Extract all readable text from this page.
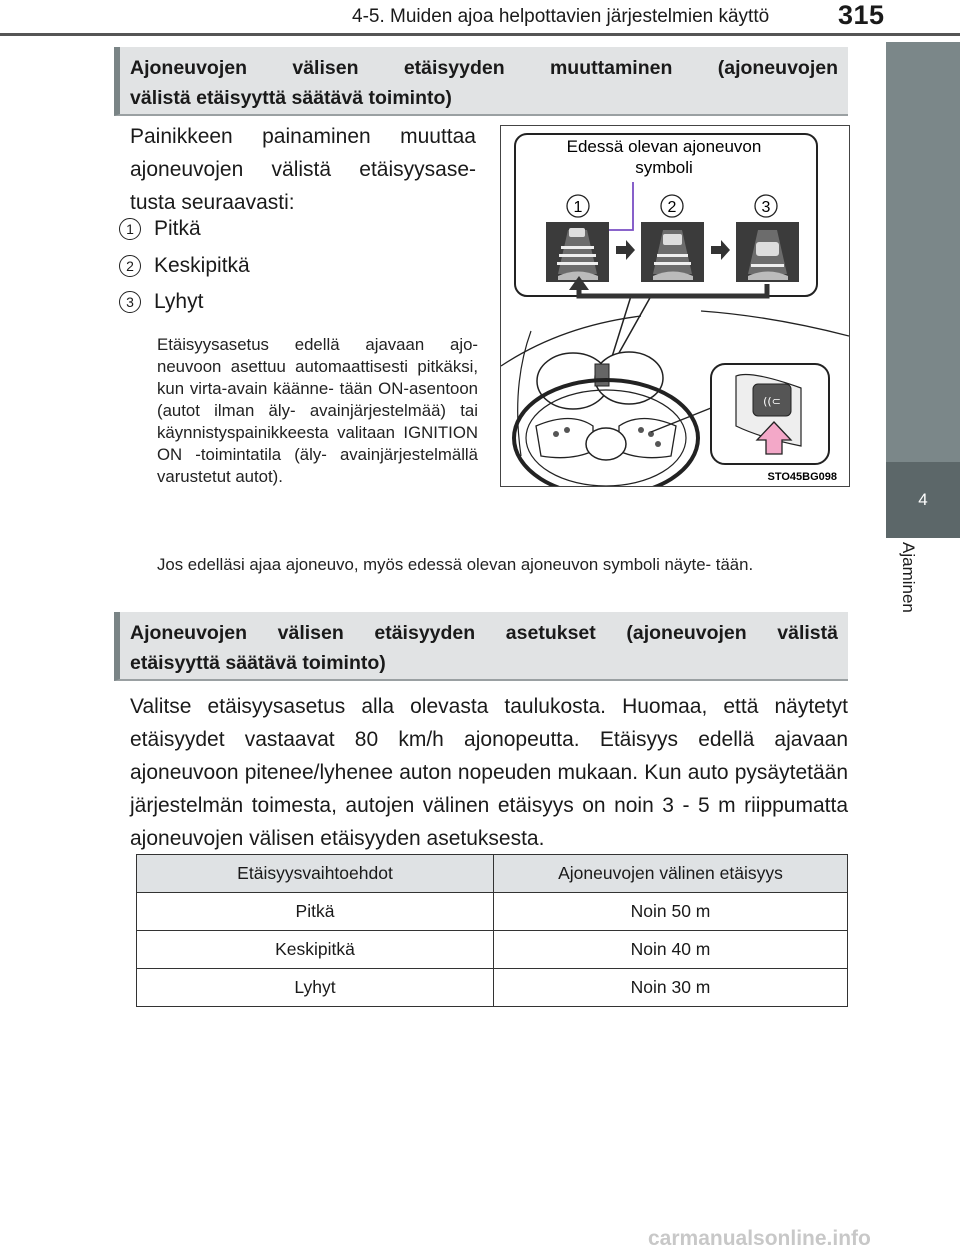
4-5. Muiden ajoa helpottavien järjestelmien käyttö	315
4
Ajaminen
Ajoneuvojen välisen etäisyyden muuttaminen (ajoneuvojen
välistä etäisyyttä säätävä toiminto)
Painikkeen painaminen muuttaa ajoneuvojen välistä etäisyysase- tusta seuraavasti:
1 Pitkä
2 Keskipitkä
3 Lyhyt
Etäisyysasetus edellä ajavaan ajo- neuvoon asettuu automaattisesti pitkäksi, kun virta-avain käänne- tään ON-asentoon (autot ilman äly- avainjärjestelmää) tai käynnistyspainikkeesta valitaan IGNITION ON -toimintatila (äly- avainjärjestelmällä varustetut autot).
Jos edelläsi ajaa ajoneuvo, myös edessä olevan ajoneuvon symboli näyte- tään.
Edessä olevan ajoneuvon
symboli
1	2	3
((⊂
STO45BG098
Ajoneuvojen välisen etäisyyden asetukset (ajoneuvojen välistä
etäisyyttä säätävä toiminto)
Valitse etäisyysasetus alla olevasta taulukosta. Huomaa, että näytetyt etäisyydet vastaavat 80 km/h ajonopeutta. Etäisyys edellä ajavaan ajoneuvoon pitenee/lyhenee auton nopeuden mukaan. Kun auto pysäytetään järjestelmän toimesta, autojen välinen etäisyys on noin 3 - 5 m riippumatta ajoneuvojen välisen etäisyyden asetuksesta.
Etäisyysvaihtoehdot	Ajoneuvojen välinen etäisyys
Pitkä	Noin 50 m
Keskipitkä	Noin 40 m
Lyhyt	Noin 30 m
carmanualsonline.info
